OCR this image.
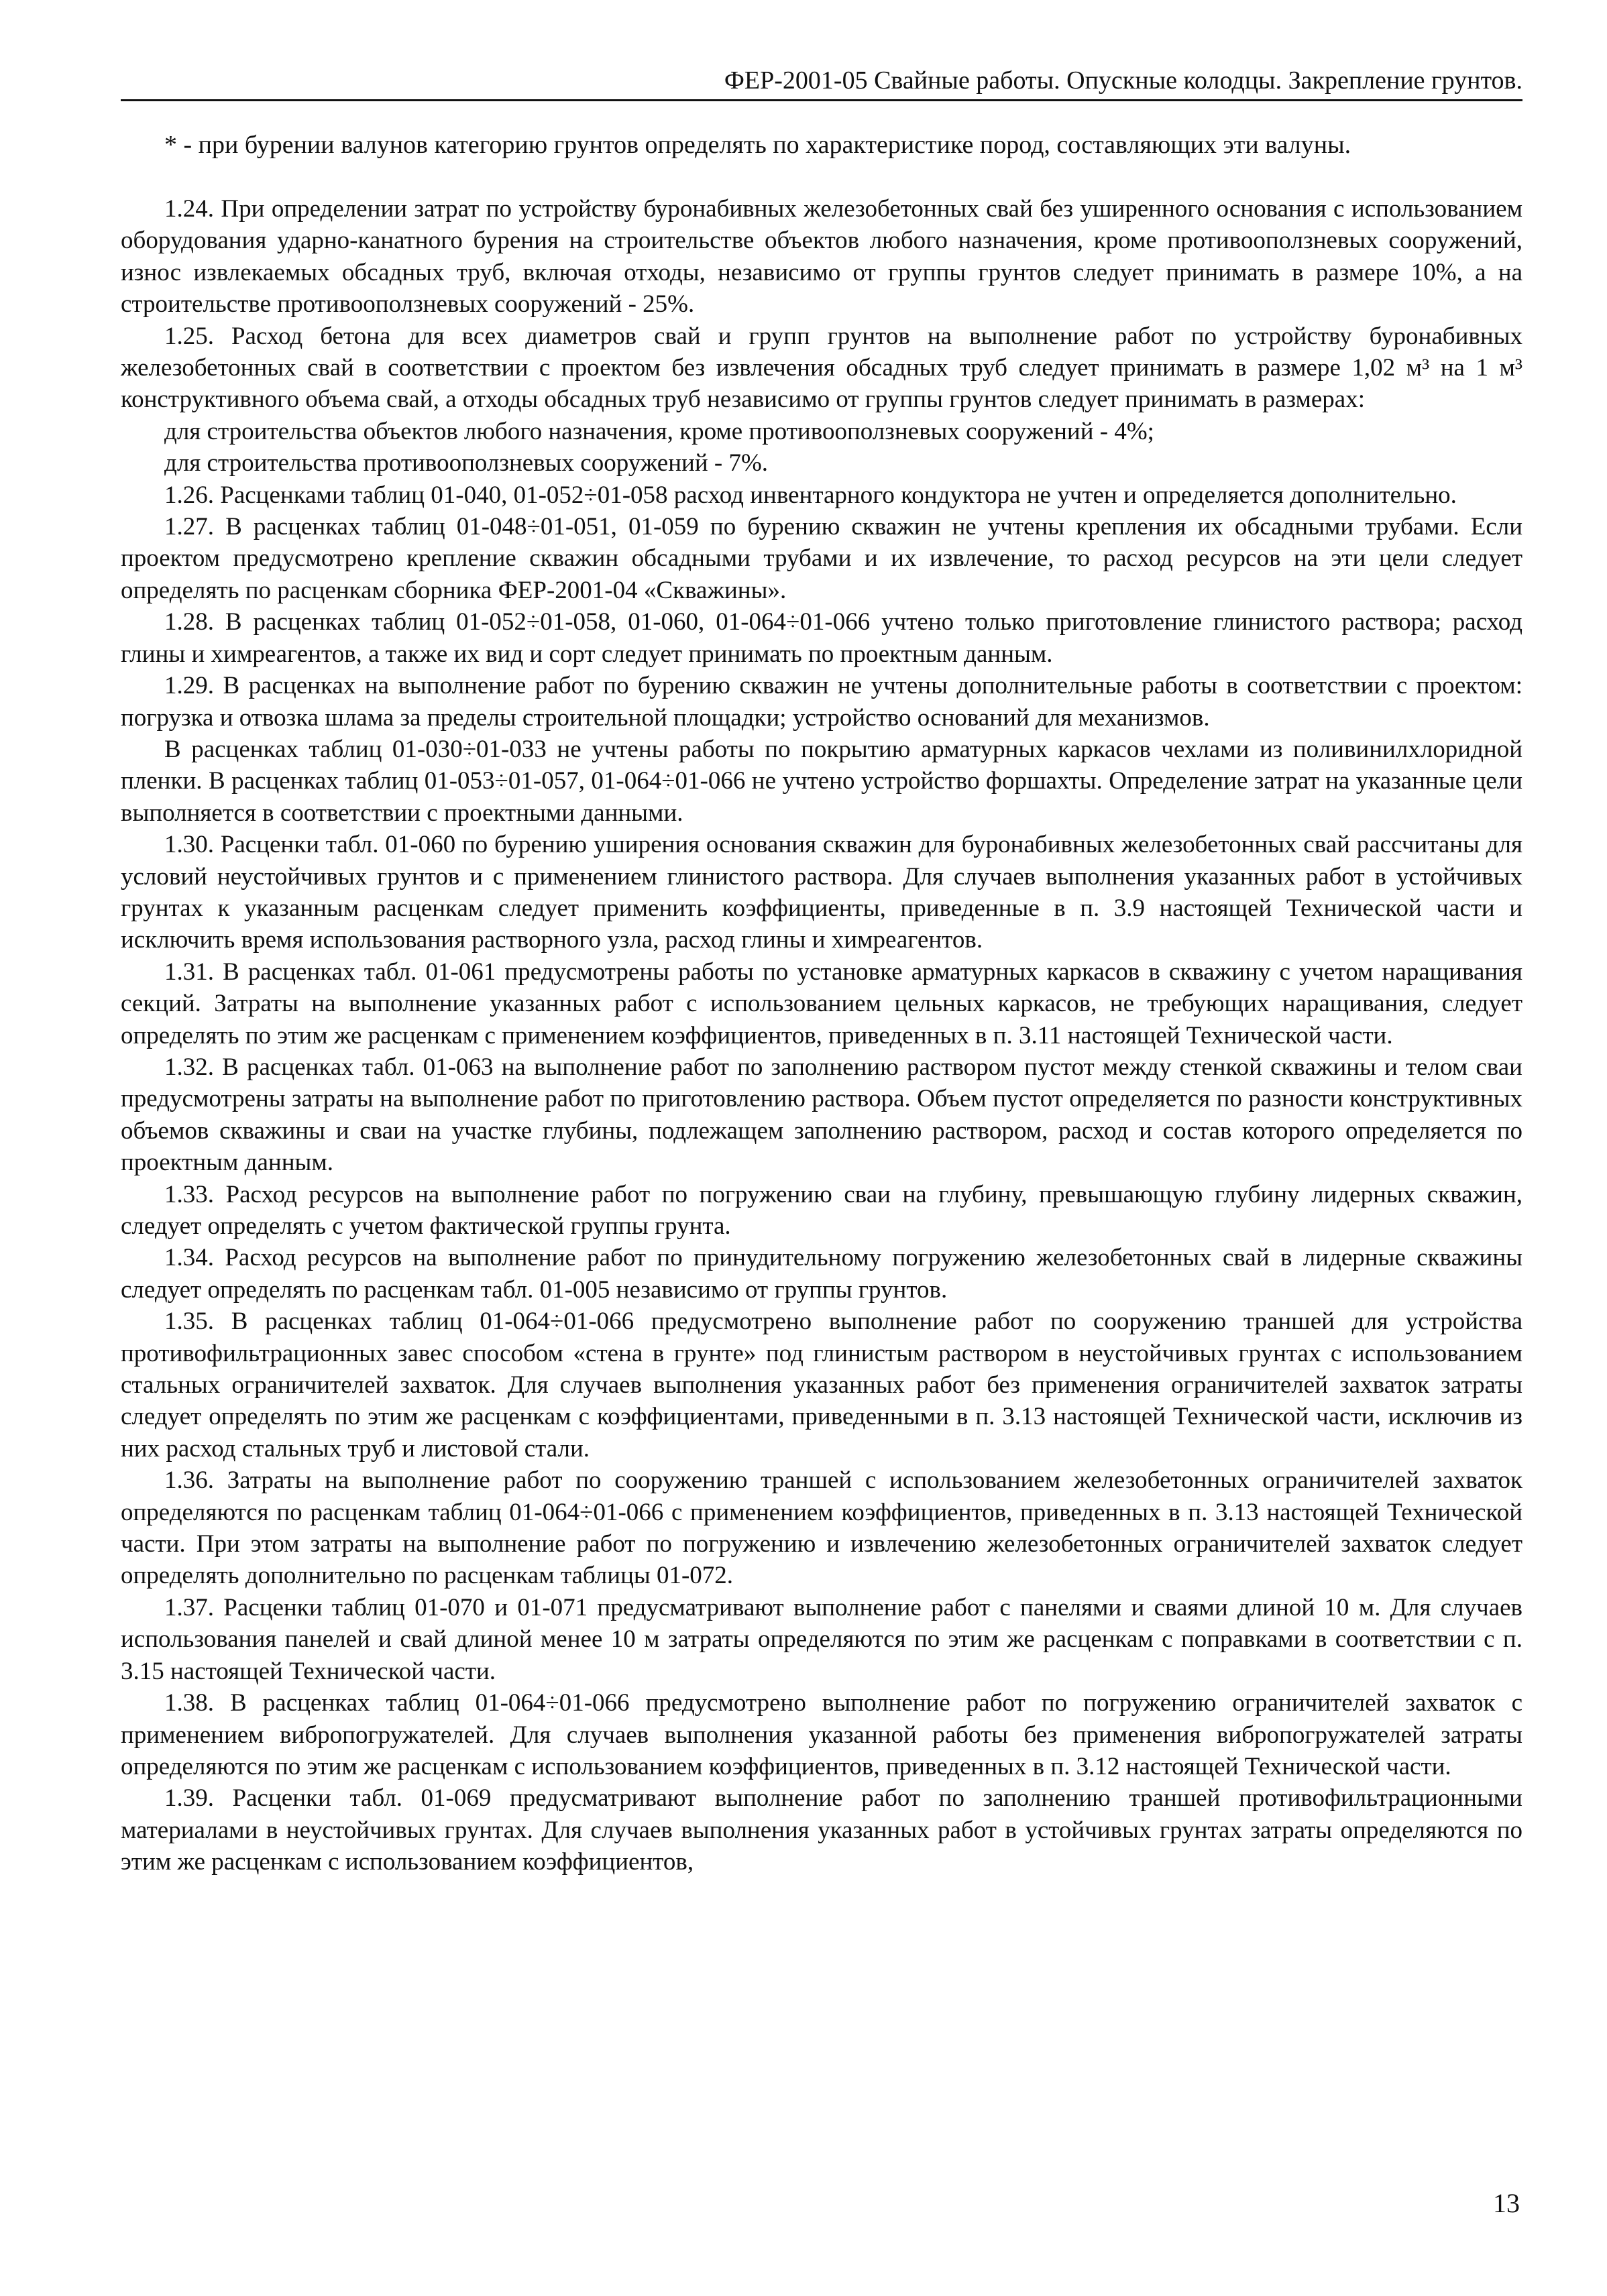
ФЕР-2001-05 Свайные работы. Опускные колодцы. Закрепление грунтов.
* - при бурении валунов категорию грунтов определять по характеристике пород, составляющих эти валуны.

1.24. При определении затрат по устройству буронабивных железобетонных свай без уширенного основания с использованием оборудования ударно-канатного бурения на строительстве объектов любого назначения, кроме противооползневых сооружений, износ извлекаемых обсадных труб, включая отходы, независимо от группы грунтов следует принимать в размере 10%, а на строительстве противооползневых сооружений - 25%.

1.25. Расход бетона для всех диаметров свай и групп грунтов на выполнение работ по устройству буронабивных железобетонных свай в соответствии с проектом без извлечения обсадных труб следует принимать в размере 1,02 м³ на 1 м³ конструктивного объема свай, а отходы обсадных труб независимо от группы грунтов следует принимать в размерах:

для строительства объектов любого назначения, кроме противооползневых сооружений - 4%;

для строительства противооползневых сооружений - 7%.

1.26. Расценками таблиц 01-040, 01-052÷01-058 расход инвентарного кондуктора не учтен и определяется дополнительно.

1.27. В расценках таблиц 01-048÷01-051, 01-059 по бурению скважин не учтены крепления их обсадными трубами. Если проектом предусмотрено крепление скважин обсадными трубами и их извлечение, то расход ресурсов на эти цели следует определять по расценкам сборника ФЕР-2001-04 «Скважины».

1.28. В расценках таблиц 01-052÷01-058, 01-060, 01-064÷01-066 учтено только приготовление глинистого раствора; расход глины и химреагентов, а также их вид и сорт следует принимать по проектным данным.

1.29. В расценках на выполнение работ по бурению скважин не учтены дополнительные работы в соответствии с проектом: погрузка и отвозка шлама за пределы строительной площадки; устройство оснований для механизмов.

В расценках таблиц 01-030÷01-033 не учтены работы по покрытию арматурных каркасов чехлами из поливинилхлоридной пленки. В расценках таблиц 01-053÷01-057, 01-064÷01-066 не учтено устройство форшахты. Определение затрат на указанные цели выполняется в соответствии с проектными данными.

1.30. Расценки табл. 01-060 по бурению уширения основания скважин для буронабивных железобетонных свай рассчитаны для условий неустойчивых грунтов и с применением глинистого раствора. Для случаев выполнения указанных работ в устойчивых грунтах к указанным расценкам следует применить коэффициенты, приведенные в п. 3.9 настоящей Технической части и исключить время использования растворного узла, расход глины и химреагентов.

1.31. В расценках табл. 01-061 предусмотрены работы по установке арматурных каркасов в скважину с учетом наращивания секций. Затраты на выполнение указанных работ с использованием цельных каркасов, не требующих наращивания, следует определять по этим же расценкам с применением коэффициентов, приведенных в п. 3.11 настоящей Технической части.

1.32. В расценках табл. 01-063 на выполнение работ по заполнению раствором пустот между стенкой скважины и телом сваи предусмотрены затраты на выполнение работ по приготовлению раствора. Объем пустот определяется по разности конструктивных объемов скважины и сваи на участке глубины, подлежащем заполнению раствором, расход и состав которого определяется по проектным данным.

1.33. Расход ресурсов на выполнение работ по погружению сваи на глубину, превышающую глубину лидерных скважин, следует определять с учетом фактической группы грунта.

1.34. Расход ресурсов на выполнение работ по принудительному погружению железобетонных свай в лидерные скважины следует определять по расценкам табл. 01-005 независимо от группы грунтов.

1.35. В расценках таблиц 01-064÷01-066 предусмотрено выполнение работ по сооружению траншей для устройства противофильтрационных завес способом «стена в грунте» под глинистым раствором в неустойчивых грунтах с использованием стальных ограничителей захваток. Для случаев выполнения указанных работ без применения ограничителей захваток затраты следует определять по этим же расценкам с коэффициентами, приведенными в п. 3.13 настоящей Технической части, исключив из них расход стальных труб и листовой стали.

1.36. Затраты на выполнение работ по сооружению траншей с использованием железобетонных ограничителей захваток определяются по расценкам таблиц 01-064÷01-066 с применением коэффициентов, приведенных в п. 3.13 настоящей Технической части. При этом затраты на выполнение работ по погружению и извлечению железобетонных ограничителей захваток следует определять дополнительно по расценкам таблицы 01-072.

1.37. Расценки таблиц 01-070 и 01-071 предусматривают выполнение работ с панелями и сваями длиной 10 м. Для случаев использования панелей и свай длиной менее 10 м затраты определяются по этим же расценкам с поправками в соответствии с п. 3.15 настоящей Технической части.

1.38. В расценках таблиц 01-064÷01-066 предусмотрено выполнение работ по погружению ограничителей захваток с применением вибропогружателей. Для случаев выполнения указанной работы без применения вибропогружателей затраты определяются по этим же расценкам с использованием коэффициентов, приведенных в п. 3.12 настоящей Технической части.

1.39. Расценки табл. 01-069 предусматривают выполнение работ по заполнению траншей противофильтрационными материалами в неустойчивых грунтах. Для случаев выполнения указанных работ в устойчивых грунтах затраты определяются по этим же расценкам с использованием коэффициентов,

13
